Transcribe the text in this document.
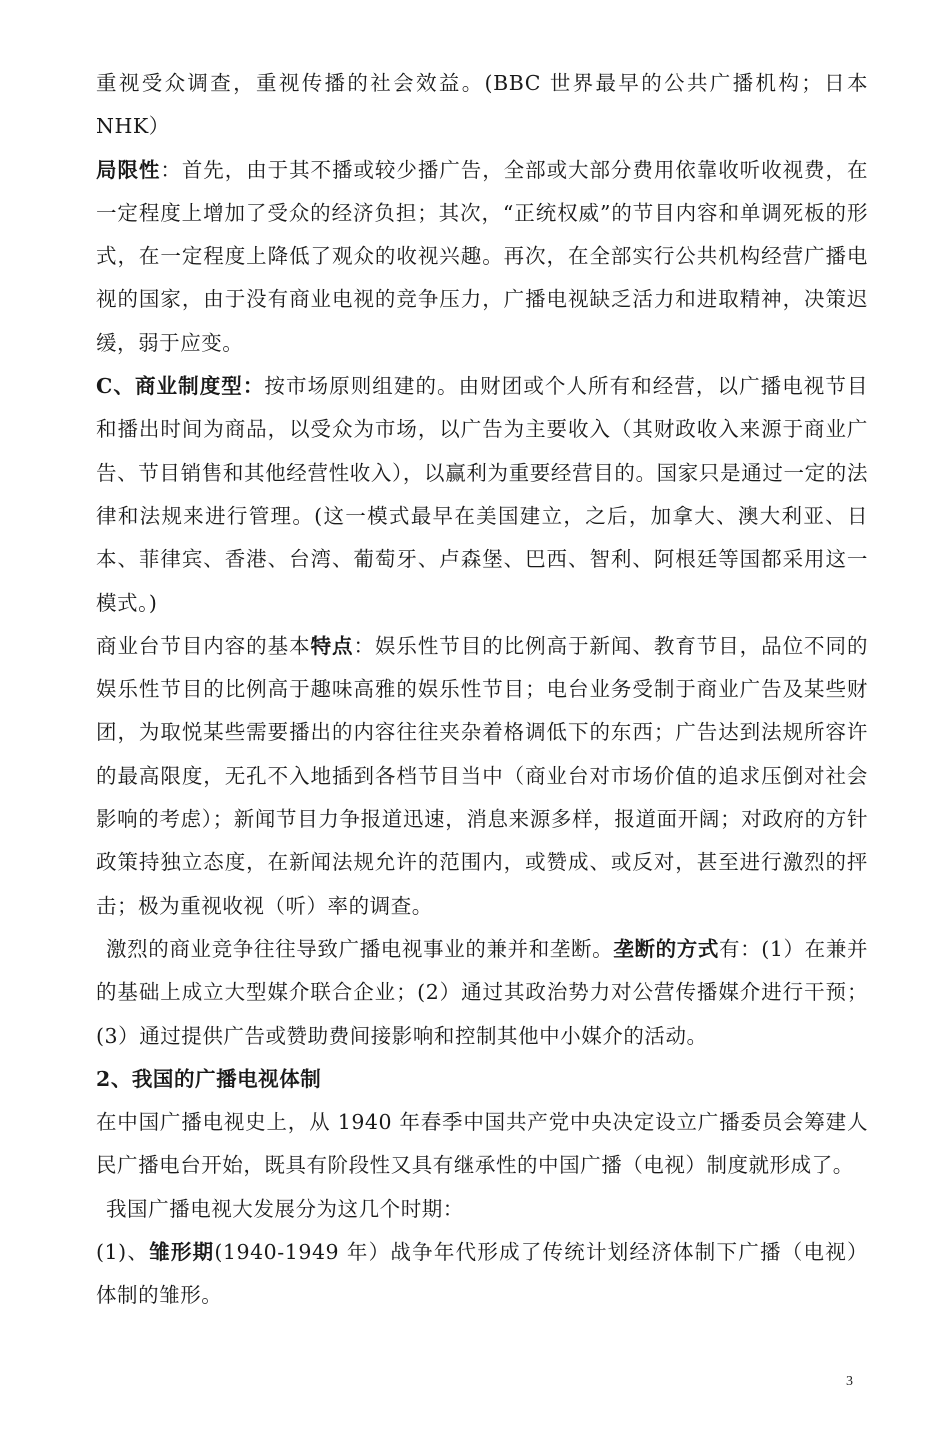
重视受众调查，重视传播的社会效益。(BBC 世界最早的公共广播机构；日本 NHK）

局限性：首先，由于其不播或较少播广告，全部或大部分费用依靠收听收视费，在一定程度上增加了受众的经济负担；其次，“正统权威”的节目内容和单调死板的形式，在一定程度上降低了观众的收视兴趣。再次，在全部实行公共机构经营广播电视的国家，由于没有商业电视的竞争压力，广播电视缺乏活力和进取精神，决策迟缓，弱于应变。

C、商业制度型：按市场原则组建的。由财团或个人所有和经营，以广播电视节目和播出时间为商品，以受众为市场，以广告为主要收入（其财政收入来源于商业广告、节目销售和其他经营性收入），以赢利为重要经营目的。国家只是通过一定的法律和法规来进行管理。(这一模式最早在美国建立，之后，加拿大、澳大利亚、日本、菲律宾、香港、台湾、葡萄牙、卢森堡、巴西、智利、阿根廷等国都采用这一模式。)

商业台节目内容的基本特点：娱乐性节目的比例高于新闻、教育节目，品位不同的娱乐性节目的比例高于趣味高雅的娱乐性节目；电台业务受制于商业广告及某些财团，为取悦某些需要播出的内容往往夹杂着格调低下的东西；广告达到法规所容许的最高限度，无孔不入地插到各档节目当中（商业台对市场价值的追求压倒对社会影响的考虑）；新闻节目力争报道迅速，消息来源多样，报道面开阔；对政府的方针政策持独立态度，在新闻法规允许的范围内，或赞成、或反对，甚至进行激烈的抨击；极为重视收视（听）率的调查。

激烈的商业竞争往往导致广播电视事业的兼并和垄断。垄断的方式有：(1）在兼并的基础上成立大型媒介联合企业；(2）通过其政治势力对公营传播媒介进行干预；(3）通过提供广告或赞助费间接影响和控制其他中小媒介的活动。

2、我国的广播电视体制

在中国广播电视史上，从 1940 年春季中国共产党中央决定设立广播委员会筹建人民广播电台开始，既具有阶段性又具有继承性的中国广播（电视）制度就形成了。

我国广播电视大发展分为这几个时期：

(1)、雏形期(1940-1949 年）战争年代形成了传统计划经济体制下广播（电视）体制的雏形。

3
